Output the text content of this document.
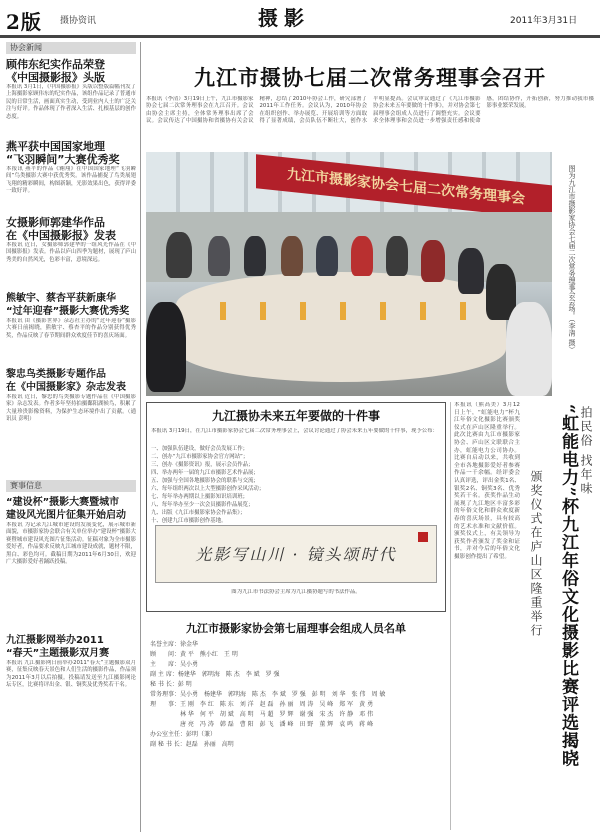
2版 摄协资讯	摄影	2011年3月31日
协会新闻
顾伟东纪实作品荣登
《中国摄影报》头版
本报讯 3月1日，《中国摄影报》头版以整版篇幅刊发了上海摄影家顾伟东的纪实作品，该组作品记录了普通市民的日常生活，画面真实生动，受到业内人士的广泛关注与好评。作品体现了作者深入生活、扎根基层的创作态度。
燕平获中国国家地理
“飞羽瞬间”大赛优秀奖
本报讯 燕平的作品《翱翔》在中国国家地理“飞羽瞬间”鸟类摄影大赛中获优秀奖。该作品捕捉了鸟类展翅飞翔的精彩瞬间，构图新颖，光影效果出色，获得评委一致好评。
女摄影师郭建华作品
在《中国摄影报》发表
本报讯 近日，女摄影师郭建华的一组风光作品在《中国摄影报》发表。作品以庐山四季为题材，展现了庐山秀美的自然风光，色彩丰富，意境深远。
熊敏宇、蔡杏平获新康华
“过年迎春”摄影大赛优秀奖
本报讯 由《摄影世界》杂志社主办的“过年迎春”摄影大赛日前揭晓，熊敏宇、蔡杏平的作品分别获得优秀奖，作品反映了春节期间群众欢度佳节的喜庆场面。
黎忠鸟类摄影专题作品
在《中国摄影家》杂志发表
本报讯 近日，黎忠的鸟类摄影专题作品在《中国摄影家》杂志发表。作者多年坚持拍摄鄱阳湖候鸟，积累了大量珍贵影像资料，为保护生态环境作出了贡献。（通讯员 彭明）
赛事信息
“建设杯”摄影大赛暨城市
建设风光图片征集开始启动
本报讯 为记录九江城市建设的发展变化，展示城市新面貌，市摄影家协会联合有关单位举办“建设杯”摄影大赛暨城市建设风光图片征集活动。征稿对象为全市摄影爱好者，作品要求反映九江城市建设成就，题材不限，黑白、彩色均可。截稿日期为2011年6月30日，欢迎广大摄影爱好者踊跃投稿。
九江摄影网举办2011
“春天”主题摄影双月赛
本报讯 九江摄影网日前举办2011“春天”主题摄影双月赛，征集反映春天景色和人们生活的摄影作品，作品须为2011年3月以后拍摄。投稿请发送至九江摄影网论坛专区，比赛将评出金、银、铜奖及优秀奖若干名。
九江市摄协七届二次常务理事会召开
本报讯（李清）3月19日上午，九江市摄影家协会七届二次常务理事会在九江召开。会议由协会主席主持，全体常务理事出席了会议。会议传达了中国摄协和省摄协有关会议精神，总结了2010年协会工作，研究部署了2011年工作任务。会议认为，2010年协会在组织创作、举办展览、开展培训等方面取得了显著成绩，会员队伍不断壮大，创作水平明显提高。会议审议通过了《九江市摄影协会未来五年要做的十件事》，并对协会第七届理事会组成人员进行了调整充实。会议要求全体理事和会员进一步增强责任感和使命感，团结协作，开拓创新，努力推动我市摄影事业繁荣发展。
九江市摄影家协会七届二次常务理事会	图为九江市摄影家协会七届二次常务理事会会场。（李清 摄）
九江摄协未来五年要做的十件事
本报讯 3月19日，在九江市摄影家协会七届二次常务理事会上，会议讨论通过了协会未来五年要做的十件事，现予公布：
一、加强队伍建设，做好会员发展工作；
二、创办“九江市摄影家协会官方网站”；
三、创办《摄影资讯》报，展示会员作品；
四、举办两年一届的九江市摄影艺术作品展；
五、加强与全国各地摄影协会的联系与交流；
六、每年组织两次以上大型摄影创作采风活动；
七、每年举办两期以上摄影知识培训班；
八、每年举办至少一次会员摄影作品展览；
九、出版《九江市摄影家协会作品集》；
十、创建九江市摄影创作基地。
光影写山川 · 镜头颂时代
图为九江市书法协会主席为九江摄协题写的书法作品。
九江市摄影家协会第七届理事会组成人员名单
名誉主席：徐金华
顾　　问：黄 平　熊小红　王 明
主　　席：吴小勇
副 主 席：杨建华　郭明海　陈 杰　李 斌　罗 强
秘 书 长：彭 明
常务理事：吴小勇　杨建华　郭明海　陈 杰　李 斌　罗 强　彭 明　刘 华　张 伟　周 敏
理　　事：王 刚　李 红　陈 东　刘 洋　赵 磊　孙 丽　周 涛　吴 峰　郑 军　黄 勇
　　　　　林 华　何 平　胡 斌　高 明　马 超　罗 辉　谢 强　宋 杰　许 静　邓 伟
　　　　　唐 亮　冯 涛　韩 磊　曹 阳　彭 飞　潘 峰　田 野　董 辉　袁 鸣　蒋 峰
办公室主任：彭明（兼）
副 秘 书 长：赵磊　孙丽　高明
本报讯（熊高美）3月12日上午，“虹能电力”杯九江年俗文化摄影比赛颁奖仪式在庐山区隆重举行。此次比赛由九江市摄影家协会、庐山区文联联合主办，虹能电力公司协办。比赛自启动以来，共收到全市各地摄影爱好者参赛作品一千余幅。经评委会认真评选，评出金奖1名、银奖2名、铜奖3名、优秀奖若干名。获奖作品生动展现了九江地区丰富多彩的年俗文化和群众欢度新春的喜庆场景，具有较高的艺术水准和文献价值。颁奖仪式上，有关领导为获奖作者颁发了奖金和证书，并对今后的年俗文化摄影创作提出了希望。
拍民俗 找年味
“虹能电力”杯九江年俗文化摄影比赛评选揭晓
颁奖仪式在庐山区隆重举行
